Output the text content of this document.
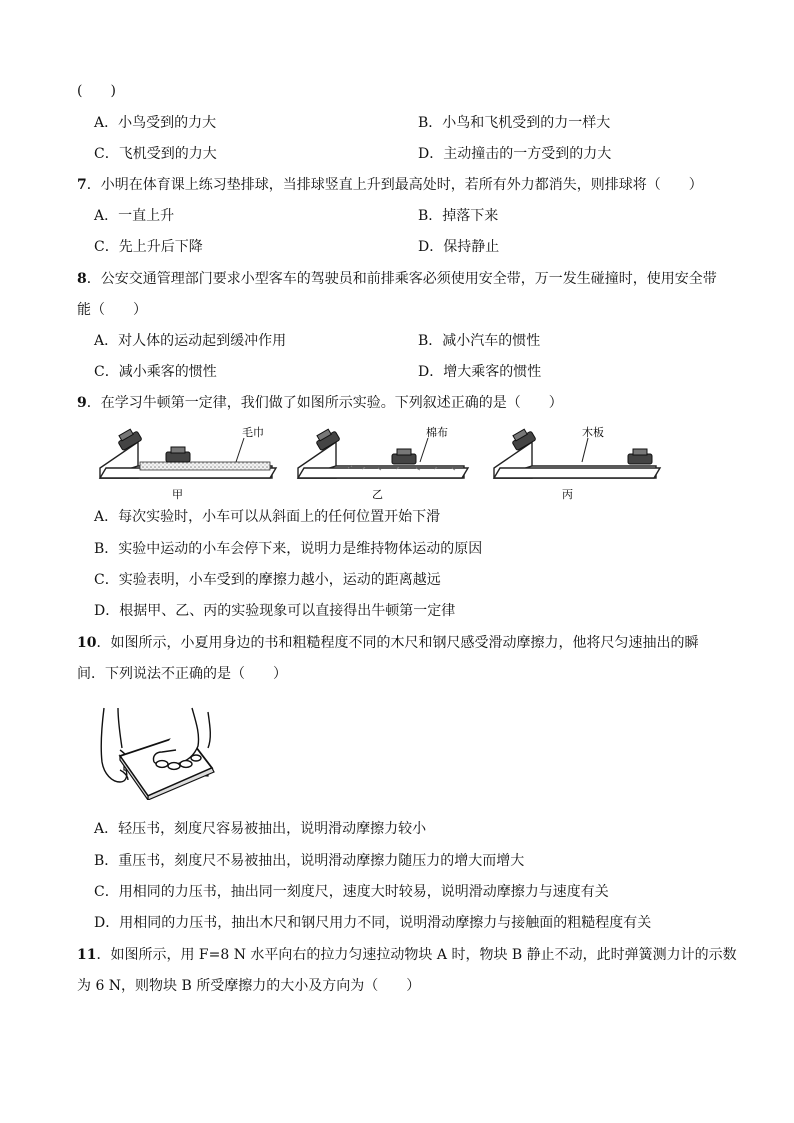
(　　)
A．小鸟受到的力大	B．小鸟和飞机受到的力一样大
C．飞机受到的力大	D．主动撞击的一方受到的力大
7．小明在体育课上练习垫排球，当排球竖直上升到最高处时，若所有外力都消失，则排球将（　　）
A．一直上升	B．掉落下来
C．先上升后下降	D．保持静止
8．公安交通管理部门要求小型客车的驾驶员和前排乘客必须使用安全带，万一发生碰撞时，使用安全带
能（　　）
A．对人体的运动起到缓冲作用	B．减小汽车的惯性
C．减小乘客的惯性	D．增大乘客的惯性
9．在学习牛顿第一定律，我们做了如图所示实验。下列叙述正确的是（　　）
毛巾
甲
棉布
乙
木板
丙
A．每次实验时，小车可以从斜面上的任何位置开始下滑
B．实验中运动的小车会停下来，说明力是维持物体运动的原因
C．实验表明，小车受到的摩擦力越小，运动的距离越远
D．根据甲、乙、丙的实验现象可以直接得出牛顿第一定律
10．如图所示，小夏用身边的书和粗糙程度不同的木尺和钢尺感受滑动摩擦力，他将尺匀速抽出的瞬
间．下列说法不正确的是（　　）
A．轻压书，刻度尺容易被抽出，说明滑动摩擦力较小
B．重压书，刻度尺不易被抽出，说明滑动摩擦力随压力的增大而增大
C．用相同的力压书，抽出同一刻度尺，速度大时较易，说明滑动摩擦力与速度有关
D．用相同的力压书，抽出木尺和钢尺用力不同，说明滑动摩擦力与接触面的粗糙程度有关
11．如图所示，用 F=8 N 水平向右的拉力匀速拉动物块 A 时，物块 B 静止不动，此时弹簧测力计的示数
为 6 N，则物块 B 所受摩擦力的大小及方向为（　　）
